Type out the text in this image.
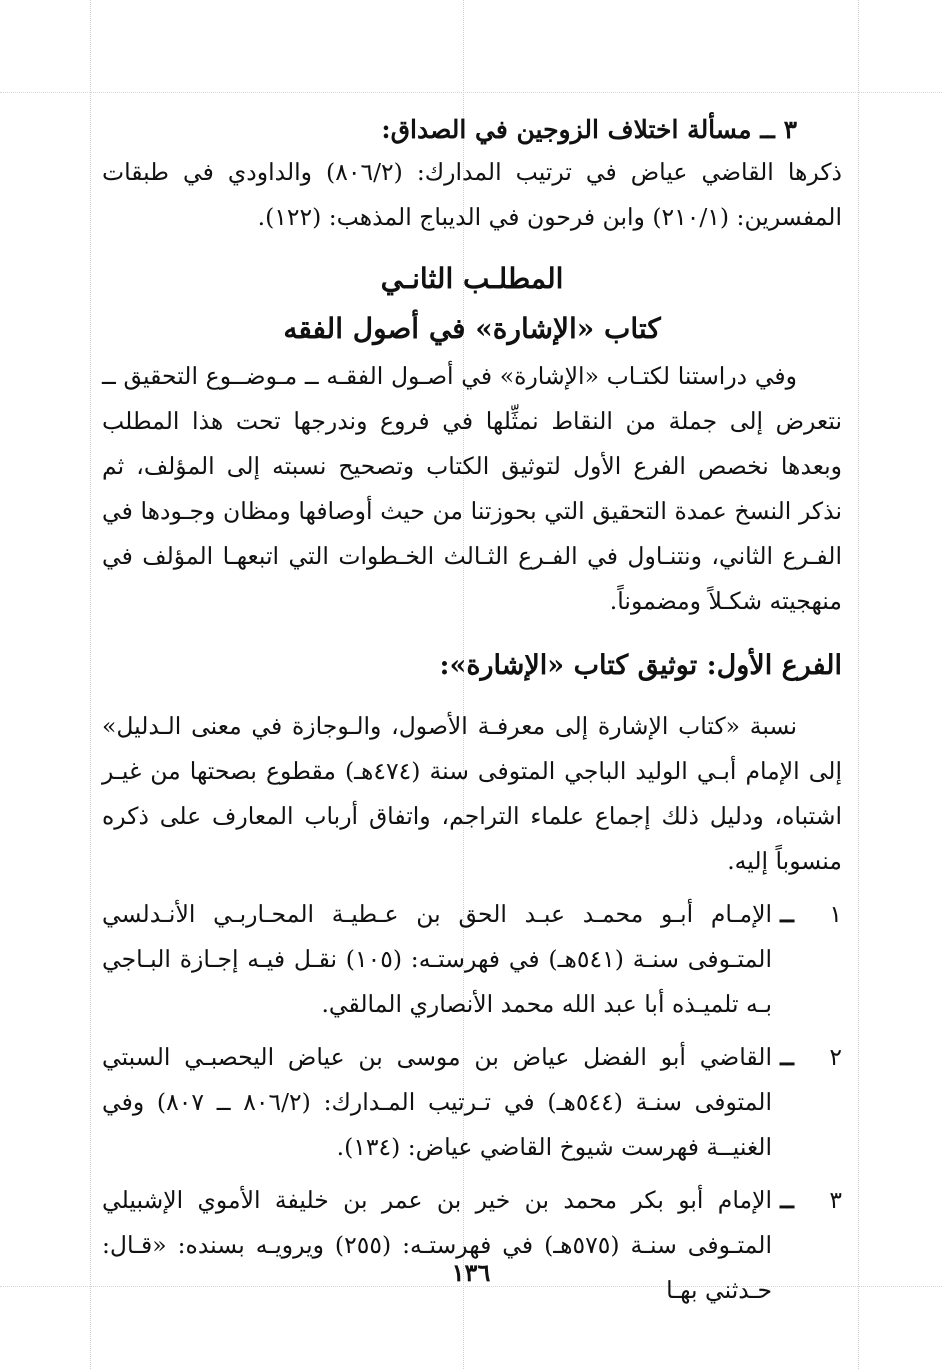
٣ ــ مسألة اختلاف الزوجين في الصداق:

ذكرها القاضي عياض في ترتيب المدارك: (٨٠٦/٢) والداودي في طبقات المفسرين: (٢١٠/١) وابن فرحون في الديباج المذهب: (١٢٢).

المطلـب الثانـي

كتاب «الإشارة» في أصول الفقه

وفي دراستنا لكتـاب «الإشارة» في أصـول الفقـه ــ مـوضــوع التحقيق ــ نتعرض إلى جملة من النقاط نمثِّلها في فروع وندرجها تحت هذا المطلب وبعدها نخصص الفرع الأول لتوثيق الكتاب وتصحيح نسبته إلى المؤلف، ثم نذكر النسخ عمدة التحقيق التي بحوزتنا من حيث أوصافها ومظان وجـودها في الفـرع الثاني، ونتنـاول في الفـرع الثـالث الخـطوات التي اتبعهـا المؤلف في منهجيته شكـلاً ومضموناً.

الفرع الأول: توثيق كتاب «الإشارة»:

نسبة «كتاب الإشارة إلى معرفـة الأصول، والـوجازة في معنى الـدليل» إلى الإمام أبـي الوليد الباجي المتوفى سنة (٤٧٤هـ) مقطوع بصحتها من غيـر اشتباه، ودليل ذلك إجماع علماء التراجم، واتفاق أرباب المعارف على ذكره منسوباً إليه.

١
ــ
الإمـام أبـو محمـد عبـد الحق بن عـطيـة المحـاربـي الأنـدلسي المتـوفى سنـة (٥٤١هـ) في فهرستـه: (١٠٥) نقـل فيـه إجـازة البـاجي بـه تلميـذه أبا عبد الله محمد الأنصاري المالقي.
٢
ــ
القاضي أبو الفضل عياض بن موسى بن عياض اليحصبـي السبتي المتوفى سنـة (٥٤٤هـ) في تـرتيب المـدارك: (٨٠٦/٢ ــ ٨٠٧) وفي الغنيــة فهرست شيوخ القاضي عياض: (١٣٤).
٣
ــ
الإمام أبو بكر محمد بن خير بن عمر بن خليفة الأموي الإشبيلي المتـوفى سنـة (٥٧٥هـ) في فهرستـه: (٢٥٥) ويرويـه بسنده: «قـال: حـدثني بهـا
١٣٦
